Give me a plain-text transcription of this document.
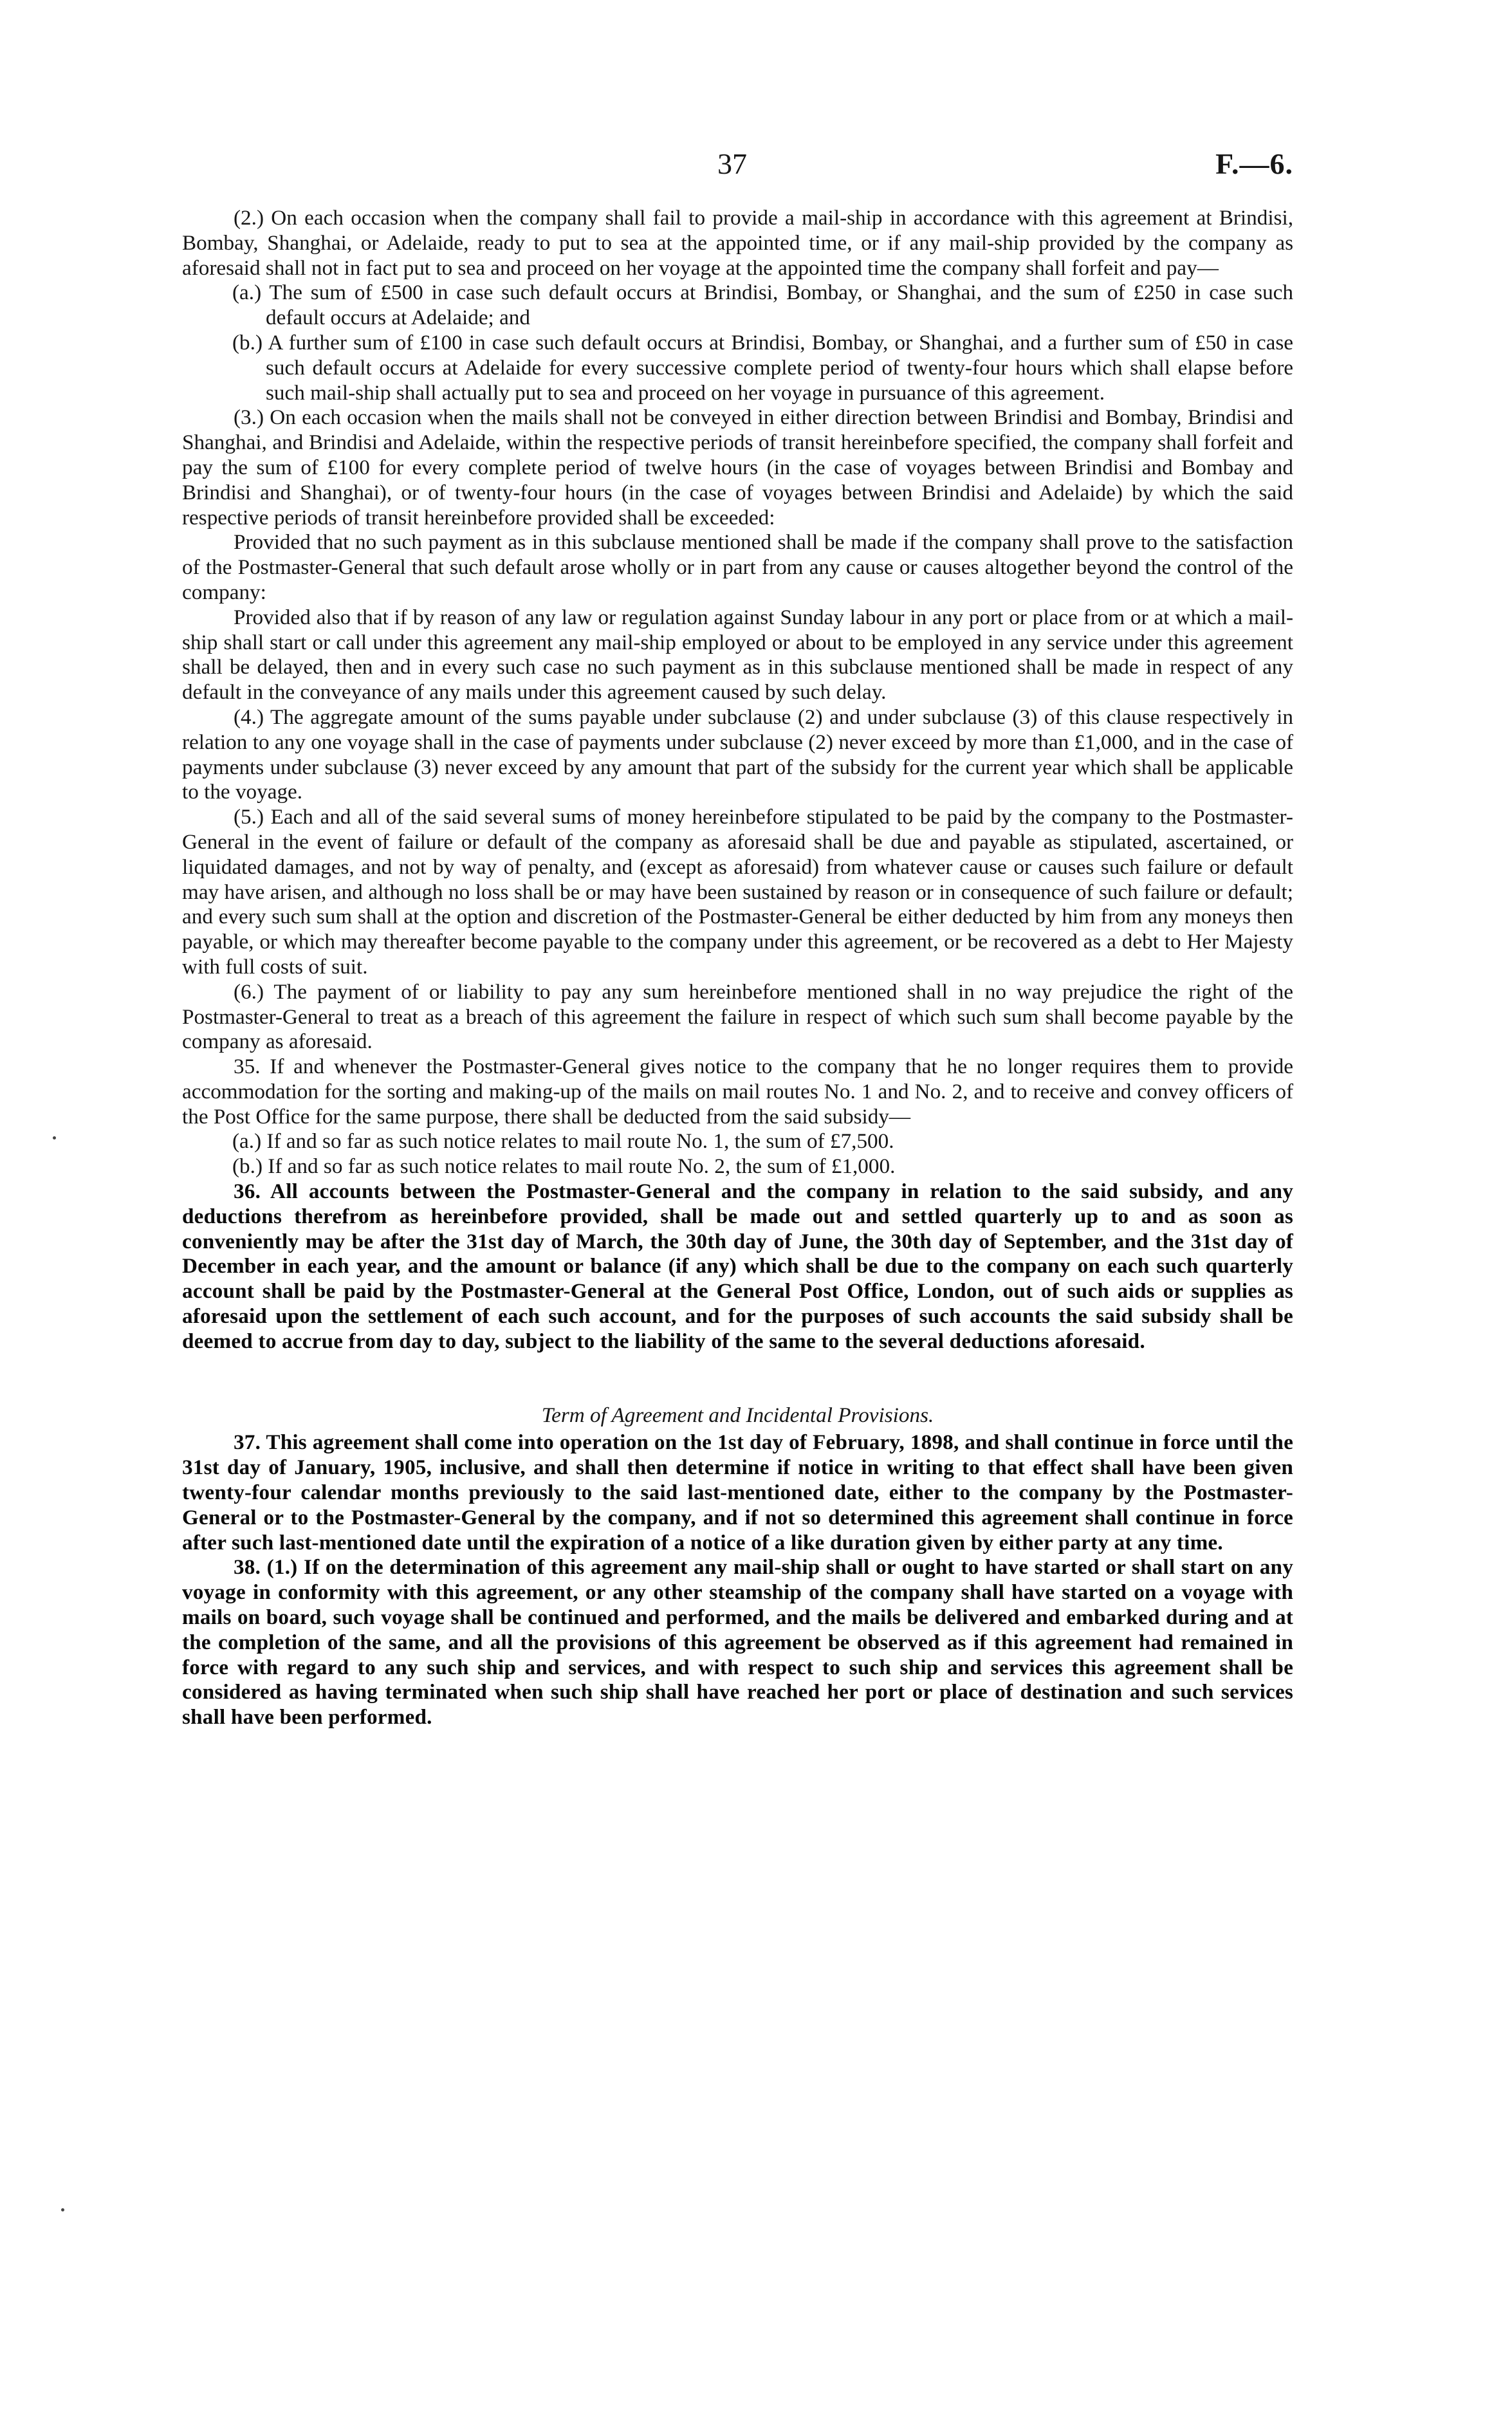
37	F.—6.

(2.) On each occasion when the company shall fail to provide a mail-ship in accordance with this agreement at Brindisi, Bombay, Shanghai, or Adelaide, ready to put to sea at the appointed time, or if any mail-ship provided by the company as aforesaid shall not in fact put to sea and proceed on her voyage at the appointed time the company shall forfeit and pay—

(a.) The sum of £500 in case such default occurs at Brindisi, Bombay, or Shanghai, and the sum of £250 in case such default occurs at Adelaide; and

(b.) A further sum of £100 in case such default occurs at Brindisi, Bombay, or Shanghai, and a further sum of £50 in case such default occurs at Adelaide for every successive complete period of twenty-four hours which shall elapse before such mail-ship shall actually put to sea and proceed on her voyage in pursuance of this agreement.

(3.) On each occasion when the mails shall not be conveyed in either direction between Brindisi and Bombay, Brindisi and Shanghai, and Brindisi and Adelaide, within the respective periods of transit hereinbefore specified, the company shall forfeit and pay the sum of £100 for every complete period of twelve hours (in the case of voyages between Brindisi and Bombay and Brindisi and Shanghai), or of twenty-four hours (in the case of voyages between Brindisi and Adelaide) by which the said respective periods of transit hereinbefore provided shall be exceeded:

Provided that no such payment as in this subclause mentioned shall be made if the company shall prove to the satisfaction of the Postmaster-General that such default arose wholly or in part from any cause or causes altogether beyond the control of the company:

Provided also that if by reason of any law or regulation against Sunday labour in any port or place from or at which a mail-ship shall start or call under this agreement any mail-ship employed or about to be employed in any service under this agreement shall be delayed, then and in every such case no such payment as in this subclause mentioned shall be made in respect of any default in the conveyance of any mails under this agreement caused by such delay.

(4.) The aggregate amount of the sums payable under subclause (2) and under subclause (3) of this clause respectively in relation to any one voyage shall in the case of payments under subclause (2) never exceed by more than £1,000, and in the case of payments under subclause (3) never exceed by any amount that part of the subsidy for the current year which shall be applicable to the voyage.

(5.) Each and all of the said several sums of money hereinbefore stipulated to be paid by the company to the Postmaster-General in the event of failure or default of the company as aforesaid shall be due and payable as stipulated, ascertained, or liquidated damages, and not by way of penalty, and (except as aforesaid) from whatever cause or causes such failure or default may have arisen, and although no loss shall be or may have been sustained by reason or in consequence of such failure or default; and every such sum shall at the option and discretion of the Postmaster-General be either deducted by him from any moneys then payable, or which may thereafter become payable to the company under this agreement, or be recovered as a debt to Her Majesty with full costs of suit.

(6.) The payment of or liability to pay any sum hereinbefore mentioned shall in no way prejudice the right of the Postmaster-General to treat as a breach of this agreement the failure in respect of which such sum shall become payable by the company as aforesaid.

35. If and whenever the Postmaster-General gives notice to the company that he no longer requires them to provide accommodation for the sorting and making-up of the mails on mail routes No. 1 and No. 2, and to receive and convey officers of the Post Office for the same purpose, there shall be deducted from the said subsidy—

(a.) If and so far as such notice relates to mail route No. 1, the sum of £7,500.

(b.) If and so far as such notice relates to mail route No. 2, the sum of £1,000.

36. All accounts between the Postmaster-General and the company in relation to the said subsidy, and any deductions therefrom as hereinbefore provided, shall be made out and settled quarterly up to and as soon as conveniently may be after the 31st day of March, the 30th day of June, the 30th day of September, and the 31st day of December in each year, and the amount or balance (if any) which shall be due to the company on each such quarterly account shall be paid by the Postmaster-General at the General Post Office, London, out of such aids or supplies as aforesaid upon the settlement of each such account, and for the purposes of such accounts the said subsidy shall be deemed to accrue from day to day, subject to the liability of the same to the several deductions aforesaid.

Term of Agreement and Incidental Provisions.

37. This agreement shall come into operation on the 1st day of February, 1898, and shall continue in force until the 31st day of January, 1905, inclusive, and shall then determine if notice in writing to that effect shall have been given twenty-four calendar months previously to the said last-mentioned date, either to the company by the Postmaster-General or to the Postmaster-General by the company, and if not so determined this agreement shall continue in force after such last-mentioned date until the expiration of a notice of a like duration given by either party at any time.

38. (1.) If on the determination of this agreement any mail-ship shall or ought to have started or shall start on any voyage in conformity with this agreement, or any other steamship of the company shall have started on a voyage with mails on board, such voyage shall be continued and performed, and the mails be delivered and embarked during and at the completion of the same, and all the provisions of this agreement be observed as if this agreement had remained in force with regard to any such ship and services, and with respect to such ship and services this agreement shall be considered as having terminated when such ship shall have reached her port or place of destination and such services shall have been performed.
